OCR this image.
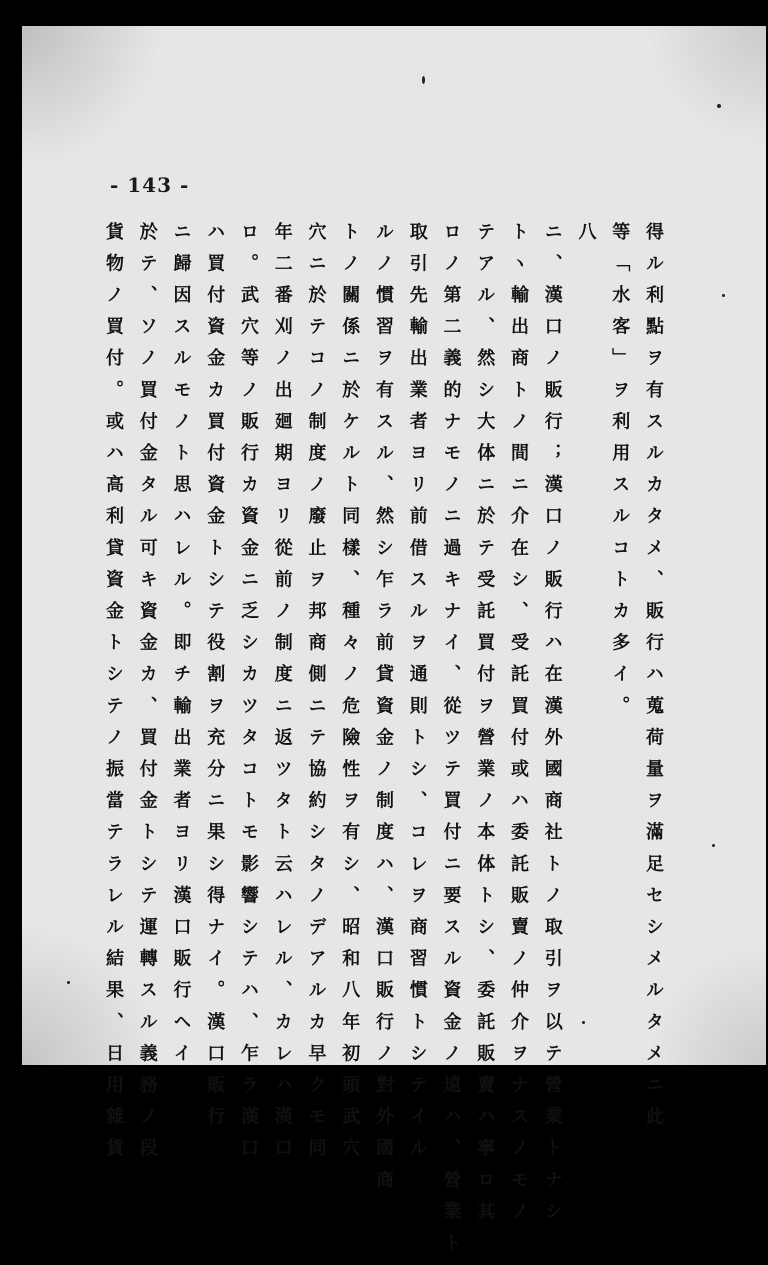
- 143 -
得ル利點ヲ有スルカタメ、販行ハ蒐荷量ヲ滿足セシメルタメニ此
等「水客」ヲ利用スルコトカ多イ。
八
ニ、漢口ノ販行；漢口ノ販行ハ在漢外國商社トノ取引ヲ以テ營業トナシ
トヽ輸出商トノ間ニ介在シ、受託買付或ハ委託販賣ノ仲介ヲナスノモノ
テアル、然シ大体ニ於テ受託買付ヲ營業ノ本体トシ、委託販賣ハ寧ロ其
ロノ第二義的ナモノニ過キナイ、從ツテ買付ニ要スル資金ノ遠ハ、營業ト
取引先輸出業者ヨリ前借スルヲ通則トシ、コレヲ商習慣トシテイル
ルノ慣習ヲ有スル、然シ乍ラ前貸資金ノ制度ハ、漢口販行ノ對外國商
トノ關係ニ於ケルト同樣、種々ノ危險性ヲ有シ、昭和八年初頭武穴
穴ニ於テコノ制度ノ廢止ヲ邦商側ニテ協約シタノデアルカ早クモ同
年二番刈ノ出廻期ヨリ從前ノ制度ニ返ツタト云ハレル、カレハ漢口
ロ。武穴等ノ販行カ資金ニ乏シカツタコトモ影響シテハ、乍ラ漢口
ハ買付資金カ買付資金トシテ役割ヲ充分ニ果シ得ナイ。漢口販行
ニ歸因スルモノト思ハレル。即チ輸出業者ヨリ漢口販行ヘイ
於テ、ソノ買付金タル可キ資金カ、買付金トシテ運轉スル義務ノ段
貨物ノ買付。或ハ高利貸資金トシテノ振當テラレル結果、日用雜貨
